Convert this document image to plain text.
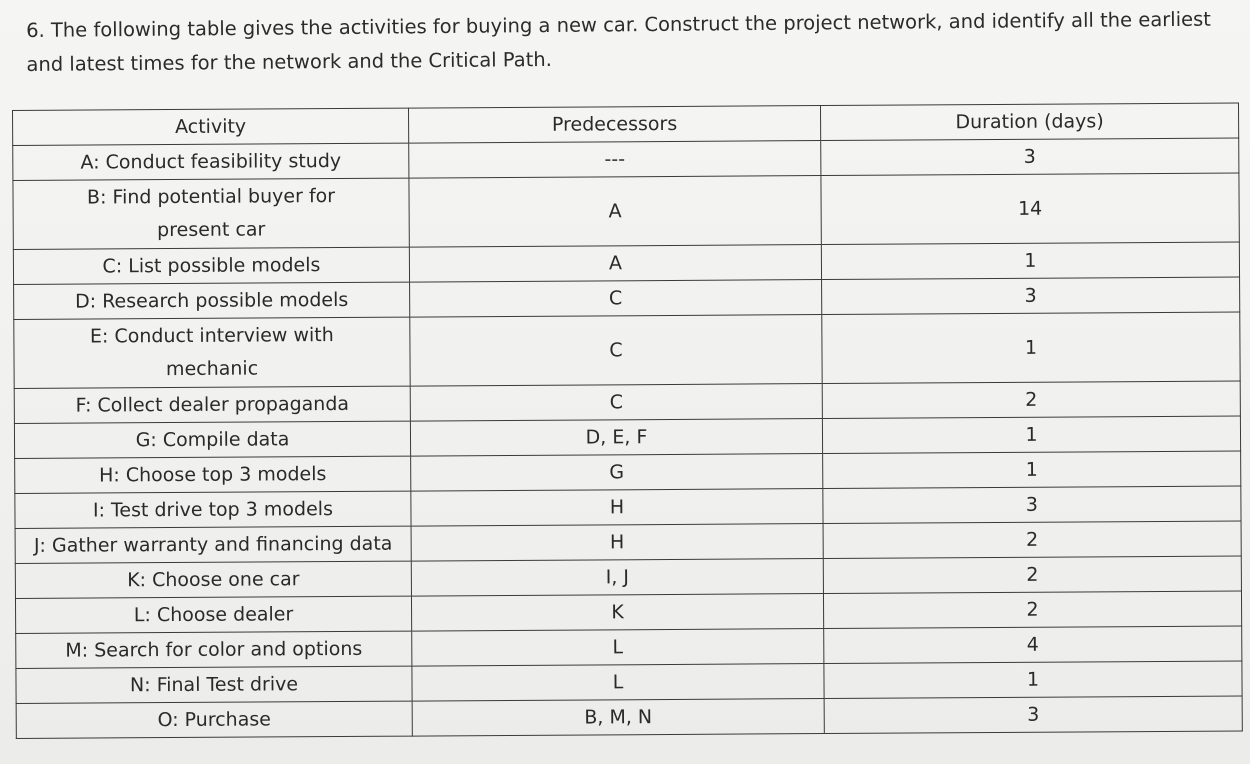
6. The following table gives the activities for buying a new car. Construct the project network, and identify all the earliest and latest times for the network and the Critical Path.
Activity	Predecessors	Duration (days)
A: Conduct feasibility study	---	3
B: Find potential buyer for present car	A	14
C: List possible models	A	1
D: Research possible models	C	3
E: Conduct interview with mechanic	C	1
F: Collect dealer propaganda	C	2
G: Compile data	D, E, F	1
H: Choose top 3 models	G	1
I: Test drive top 3 models	H	3
J: Gather warranty and financing data	H	2
K: Choose one car	I, J	2
L: Choose dealer	K	2
M: Search for color and options	L	4
N: Final Test drive	L	1
O: Purchase	B, M, N	3
